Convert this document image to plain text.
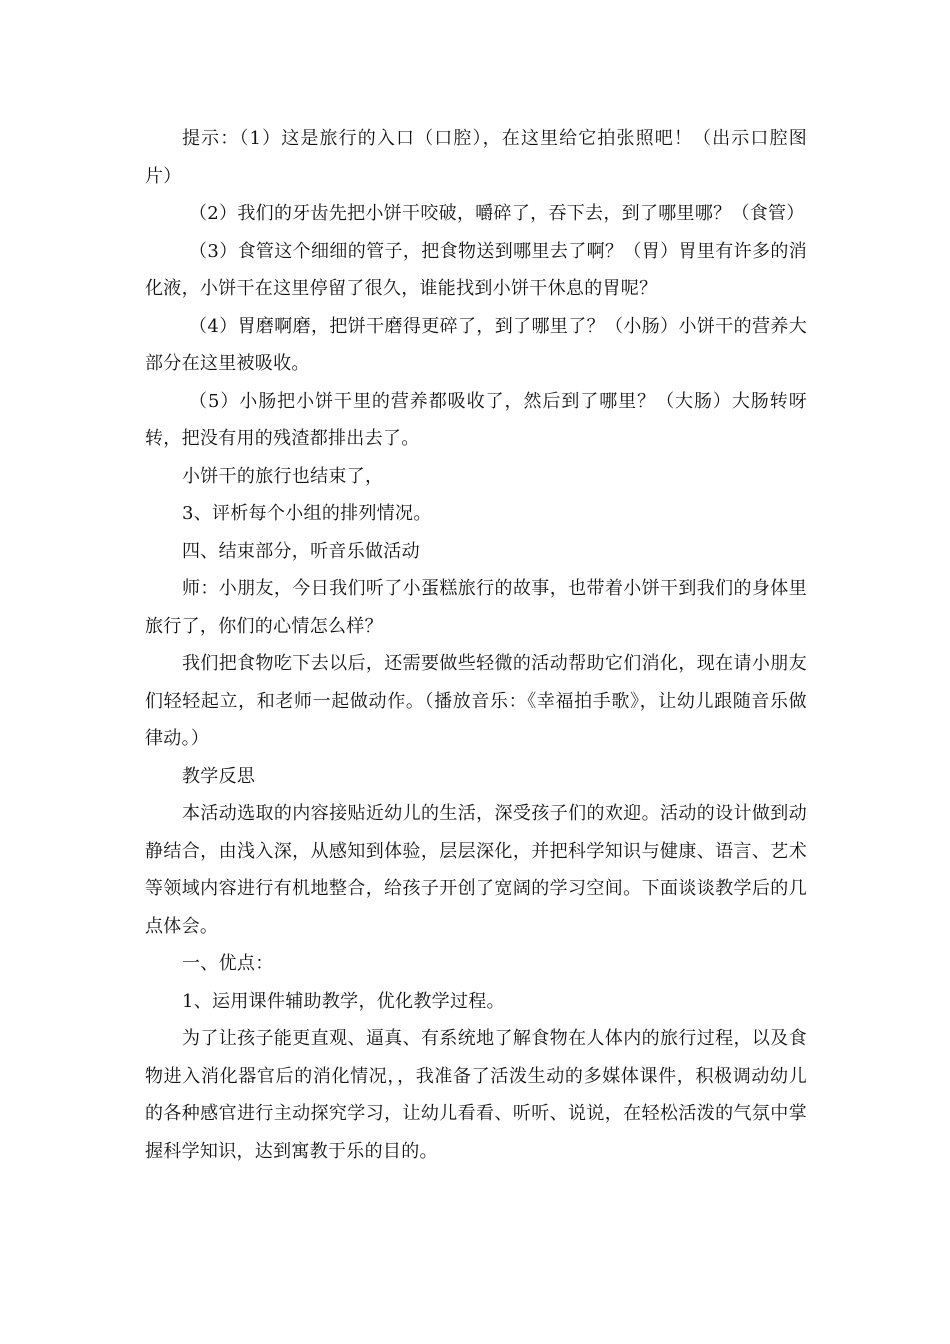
提示：（1）这是旅行的入口（口腔），在这里给它拍张照吧！（出示口腔图片）

（2）我们的牙齿先把小饼干咬破，嚼碎了，吞下去，到了哪里哪？（食管）

（3）食管这个细细的管子，把食物送到哪里去了啊？（胃）胃里有许多的消化液，小饼干在这里停留了很久，谁能找到小饼干休息的胃呢？

（4）胃磨啊磨，把饼干磨得更碎了，到了哪里了？（小肠）小饼干的营养大部分在这里被吸收。

（5）小肠把小饼干里的营养都吸收了，然后到了哪里？（大肠）大肠转呀转，把没有用的残渣都排出去了。

小饼干的旅行也结束了，

3、评析每个小组的排列情况。

四、结束部分，听音乐做活动

师：小朋友，今日我们听了小蛋糕旅行的故事，也带着小饼干到我们的身体里旅行了，你们的心情怎么样？

我们把食物吃下去以后，还需要做些轻微的活动帮助它们消化，现在请小朋友们轻轻起立，和老师一起做动作。（播放音乐：《幸福拍手歌》，让幼儿跟随音乐做律动。）

教学反思

本活动选取的内容接贴近幼儿的生活，深受孩子们的欢迎。活动的设计做到动静结合，由浅入深，从感知到体验，层层深化，并把科学知识与健康、语言、艺术等领域内容进行有机地整合，给孩子开创了宽阔的学习空间。下面谈谈教学后的几点体会。

一、优点：

1、运用课件辅助教学，优化教学过程。

为了让孩子能更直观、逼真、有系统地了解食物在人体内的旅行过程，以及食物进入消化器官后的消化情况，，我准备了活泼生动的多媒体课件，积极调动幼儿的各种感官进行主动探究学习，让幼儿看看、听听、说说，在轻松活泼的气氛中掌握科学知识，达到寓教于乐的目的。
